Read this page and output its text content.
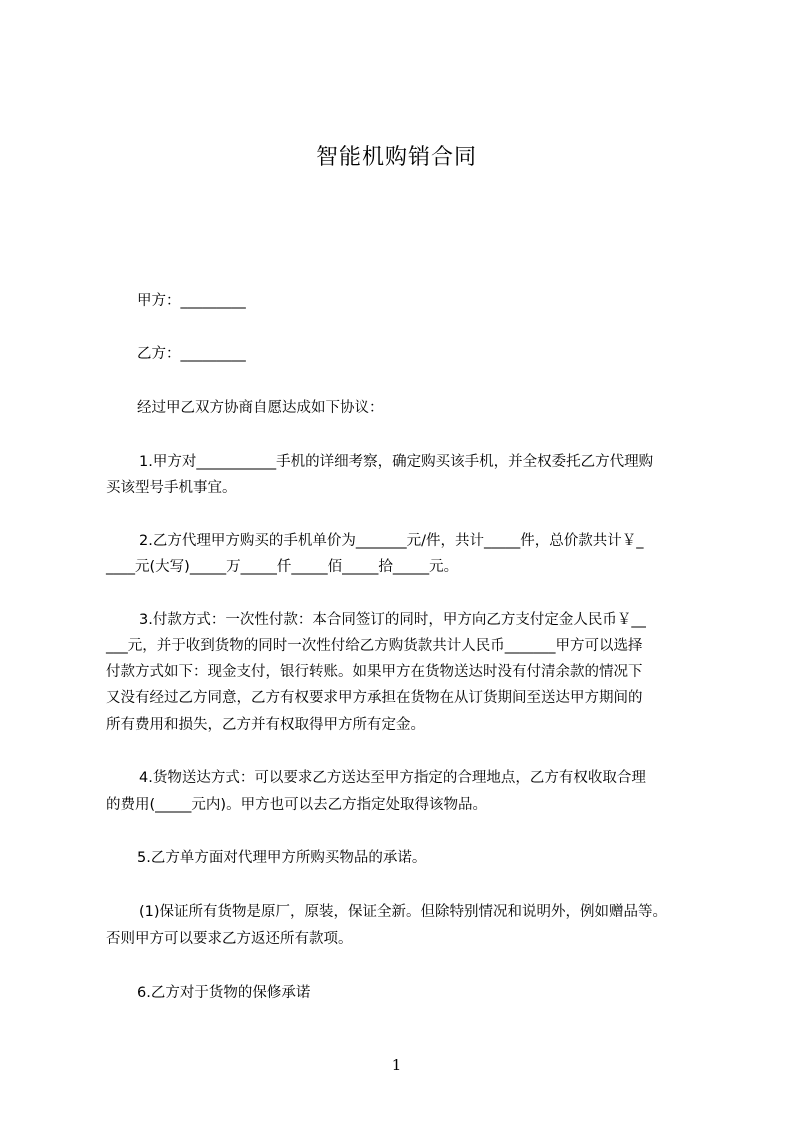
智能机购销合同
甲方：_________
乙方：_________
经过甲乙双方协商自愿达成如下协议：
1.甲方对___________手机的详细考察，确定购买该手机，并全权委托乙方代理购
买该型号手机事宜。
2.乙方代理甲方购买的手机单价为_______元/件，共计_____件，总价款共计￥_
____元(大写)_____万_____仟_____佰_____拾_____元。
3.付款方式：一次性付款：本合同签订的同时，甲方向乙方支付定金人民币￥__
___元，并于收到货物的同时一次性付给乙方购货款共计人民币_______甲方可以选择
付款方式如下：现金支付，银行转账。如果甲方在货物送达时没有付清余款的情况下
又没有经过乙方同意，乙方有权要求甲方承担在货物在从订货期间至送达甲方期间的
所有费用和损失，乙方并有权取得甲方所有定金。
4.货物送达方式：可以要求乙方送达至甲方指定的合理地点，乙方有权收取合理
的费用(_____元内)。甲方也可以去乙方指定处取得该物品。
5.乙方单方面对代理甲方所购买物品的承诺。
(1)保证所有货物是原厂，原装，保证全新。但除特别情况和说明外，例如赠品等。
否则甲方可以要求乙方返还所有款项。
6.乙方对于货物的保修承诺
1
